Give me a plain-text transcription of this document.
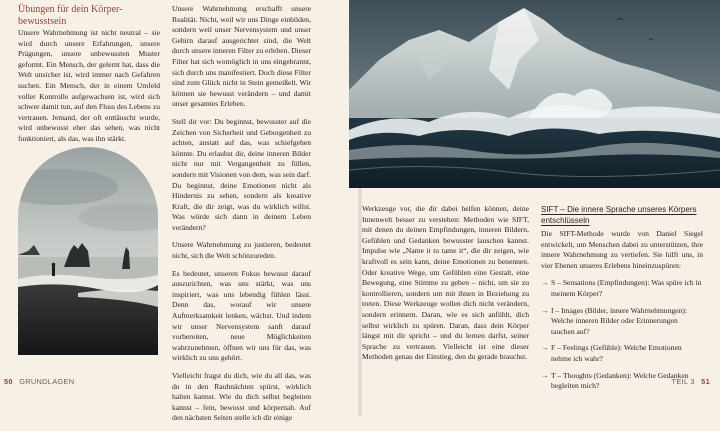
Übungen für dein Körper-
bewusstsein

Unsere Wahrnehmung ist nicht neutral – sie wird durch unsere Erfahrungen, unsere Prägungen, unsere unbewussten Muster geformt. Ein Mensch, der gelernt hat, dass die Welt unsicher ist, wird immer nach Gefahren suchen. Ein Mensch, der in einem Umfeld voller Kontrolle aufgewachsen ist, wird sich schwer damit tun, auf den Fluss des Lebens zu vertrauen. Jemand, der oft enttäuscht wurde, wird unbewusst eher das sehen, was nicht funktioniert, als das, was ihn stärkt.

Unsere Wahrnehmung erschafft unsere Realität. Nicht, weil wir uns Dinge einbilden, sondern weil unser Nervensystem und unser Gehirn darauf ausgerichtet sind, die Welt durch unsere inneren Filter zu erleben. Dieser Filter hat sich womöglich in uns eingebrannt, sich durch uns manifestiert. Doch diese Filter sind zum Glück nicht in Stein gemeißelt. Wir können sie bewusst verändern – und damit unser gesamtes Erleben.

Stell dir vor: Du beginnst, bewusster auf die Zeichen von Sicherheit und Geborgenheit zu achten, anstatt auf das, was schiefgehen könnte. Du erlaubst dir, deine inneren Bilder nicht nur mit Vergangenheit zu füllen, sondern mit Visionen von dem, was sein darf. Du beginnst, deine Emotionen nicht als Hindernis zu sehen, sondern als kreative Kraft, die dir zeigt, was du wirklich willst. Was würde sich dann in deinem Leben verändern?

Unsere Wahrnehmung zu justieren, bedeutet nicht, sich die Welt schönzureden.

Es bedeutet, unseren Fokus bewusst darauf auszurichten, was uns stärkt, was uns inspiriert, was uns lebendig fühlen lässt. Denn das, worauf wir unsere Aufmerksamkeit lenken, wächst. Und indem wir unser Nervensystem sanft darauf vorbereiten, neue Möglichkeiten wahrzunehmen, öffnen wir uns für das, was wirklich zu uns gehört.

Vielleicht fragst du dich, wie du all das, was du in den Rauhnächten spürst, wirklich halten kannst. Wie du dich selbst begleiten kannst – fein, bewusst und körpernah. Auf den nächsten Seiten stelle ich dir einige

50 GRUNDLAGEN

Werkzeuge vor, die dir dabei helfen können, deine Innenwelt besser zu verstehen: Methoden wie SIFT, mit denen du deinen Empfindungen, inneren Bildern, Gefühlen und Gedanken bewusster lauschen kannst. Impulse wie „Name it to tame it“, die dir zeigen, wie kraftvoll es sein kann, deine Emotionen zu benennen. Oder kreative Wege, um Gefühlen eine Gestalt, eine Bewegung, eine Stimme zu geben – nicht, um sie zu kontrollieren, sondern um mit ihnen in Beziehung zu treten. Diese Werkzeuge wollen dich nicht verändern, sondern erinnern. Daran, wie es sich anfühlt, dich selbst wirklich zu spüren. Daran, dass dein Körper längst mit dir spricht – und du lernen darfst, seiner Sprache zu vertrauen. Vielleicht ist eine dieser Methoden genau der Einstieg, den du gerade brauchst.

SIFT – Die innere Sprache unseres Körpers entschlüsseln

Die SIFT-Methode wurde von Daniel Siegel entwickelt, um Menschen dabei zu unterstützen, ihre innere Wahrnehmung zu vertiefen. Sie hilft uns, in vier Ebenen unseres Erlebens hineinzuspüren:

→ S – Sensations (Empfindungen): Was spüre ich in meinem Körper?
→ I – Images (Bilder, innere Wahrnehmungen): Welche inneren Bilder oder Erinnerungen tauchen auf?
→ F – Feelings (Gefühle): Welche Emotionen nehme ich wahr?
→ T – Thoughts (Gedanken): Welche Gedanken begleiten mich?	TEIL 3 51
